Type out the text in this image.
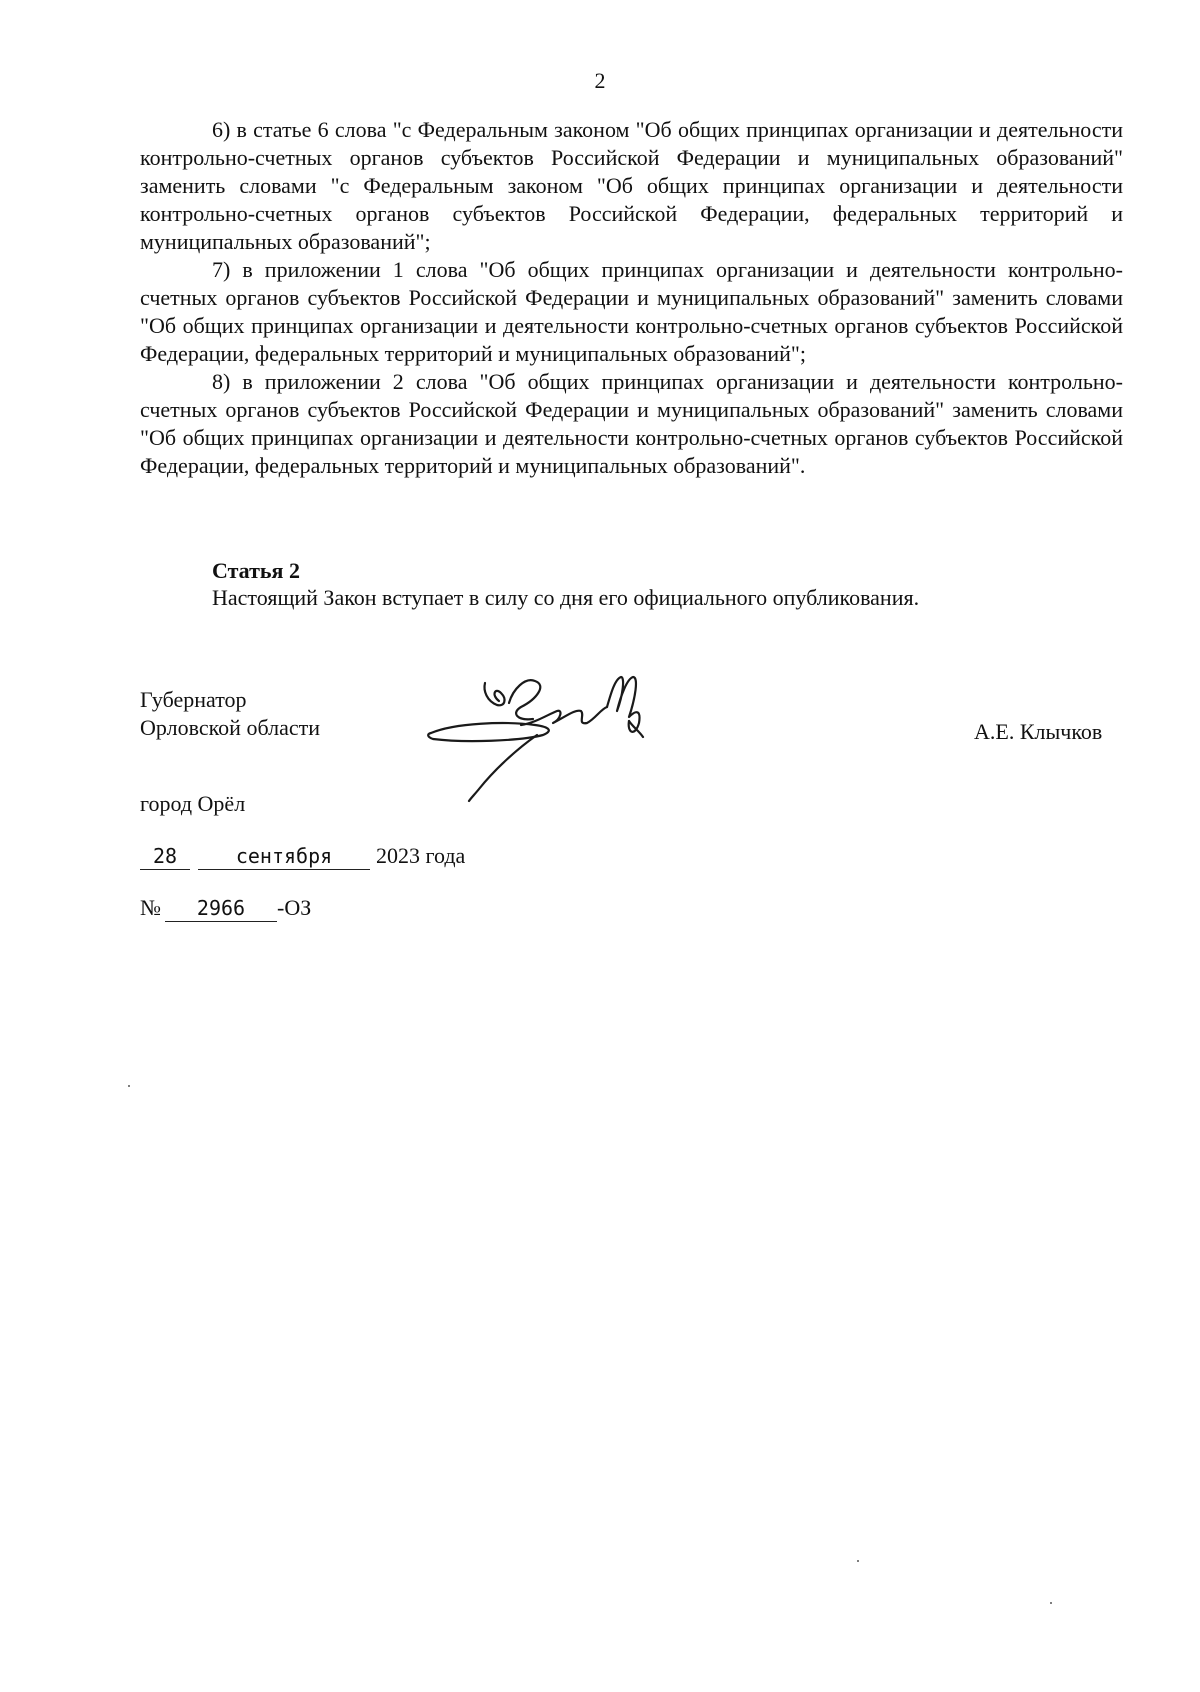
2

6) в статье 6 слова "с Федеральным законом "Об общих принципах организации и деятельности контрольно-счетных органов субъектов Российской Федерации и муниципальных образований" заменить словами "с Федеральным законом "Об общих принципах организации и деятельности контрольно-счетных органов субъектов Российской Федерации, федеральных территорий и муниципальных образований";

7) в приложении 1 слова "Об общих принципах организации и деятельности контрольно-счетных органов субъектов Российской Федерации и муниципальных образований" заменить словами "Об общих принципах организации и деятельности контрольно-счетных органов субъектов Российской Федерации, федеральных территорий и муниципальных образований";

8) в приложении 2 слова "Об общих принципах организации и деятельности контрольно-счетных органов субъектов Российской Федерации и муниципальных образований" заменить словами "Об общих принципах организации и деятельности контрольно-счетных органов субъектов Российской Федерации, федеральных территорий и муниципальных образований".

Статья 2
Настоящий Закон вступает в силу со дня его официального опубликования.
Губернатор
Орловской области	А.Е. Клычков
город Орёл
28	сентября 2023 года
№ 2966 -ОЗ
